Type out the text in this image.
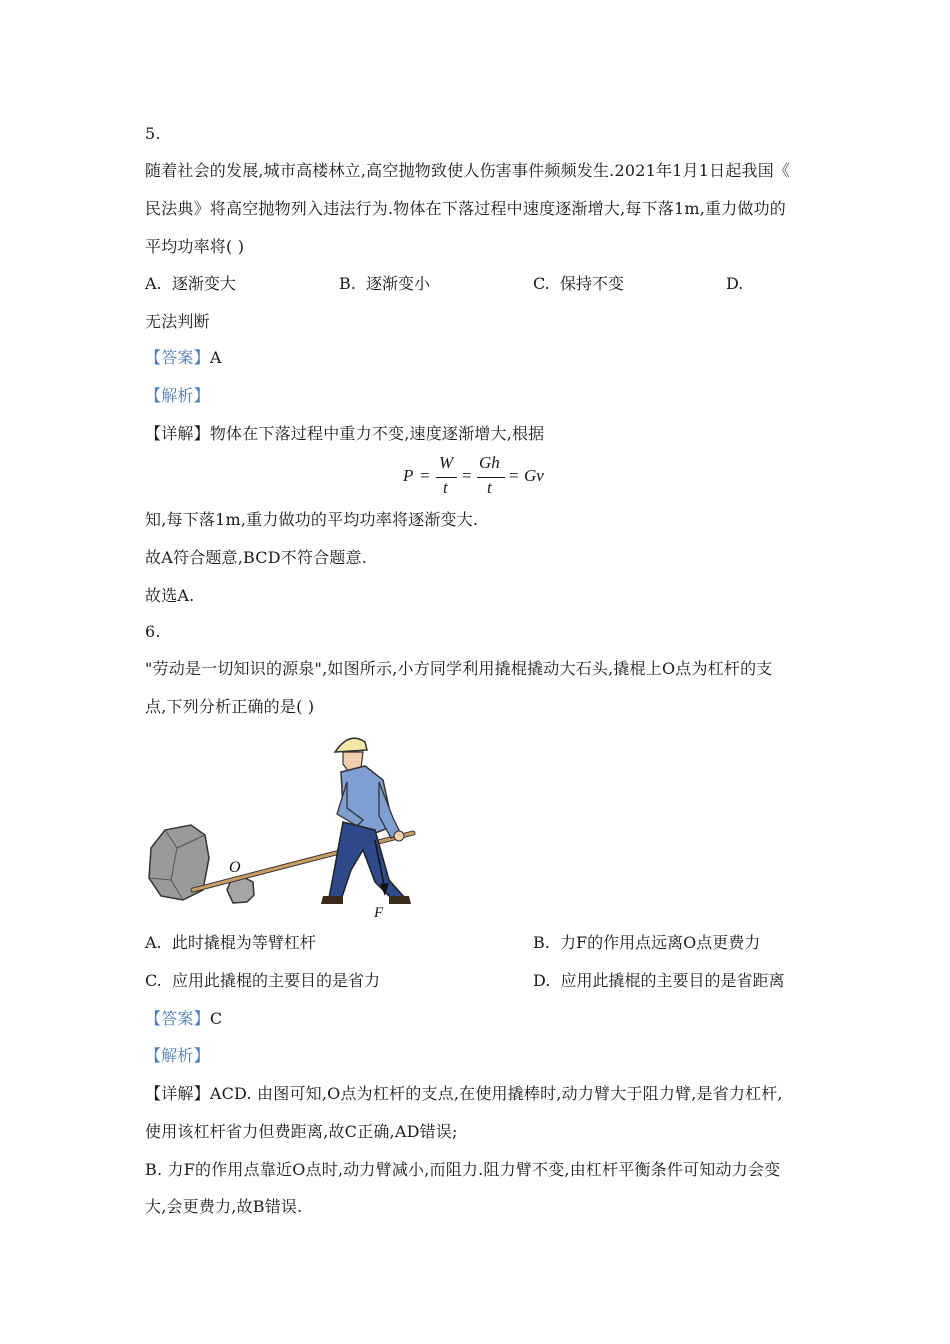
5.
随着社会的发展,城市高楼林立,高空抛物致使人伤害事件频频发生.2021年1月1日起我国《
民法典》将高空抛物列入违法行为.物体在下落过程中速度逐渐增大,每下落1m,重力做功的
平均功率将( )
A. 逐渐变大	B. 逐渐变小	C. 保持不变	D.
无法判断
【答案】A
【解析】
【详解】物体在下落过程中重力不变,速度逐渐增大,根据
P =
W
t
=
Gh
t
= Gv
知,每下落1m,重力做功的平均功率将逐渐变大.
故A符合题意,BCD不符合题意.
故选A.
6.
"劳动是一切知识的源泉",如图所示,小方同学利用撬棍撬动大石头,撬棍上O点为杠杆的支
点,下列分析正确的是( )
O
F
A. 此时撬棍为等臂杠杆	B. 力F的作用点远离O点更费力
C. 应用此撬棍的主要目的是省力	D. 应用此撬棍的主要目的是省距离
【答案】C
【解析】
【详解】ACD. 由图可知,O点为杠杆的支点,在使用撬棒时,动力臂大于阻力臂,是省力杠杆,
使用该杠杆省力但费距离,故C正确,AD错误;
B. 力F的作用点靠近O点时,动力臂减小,而阻力.阻力臂不变,由杠杆平衡条件可知动力会变
大,会更费力,故B错误.
